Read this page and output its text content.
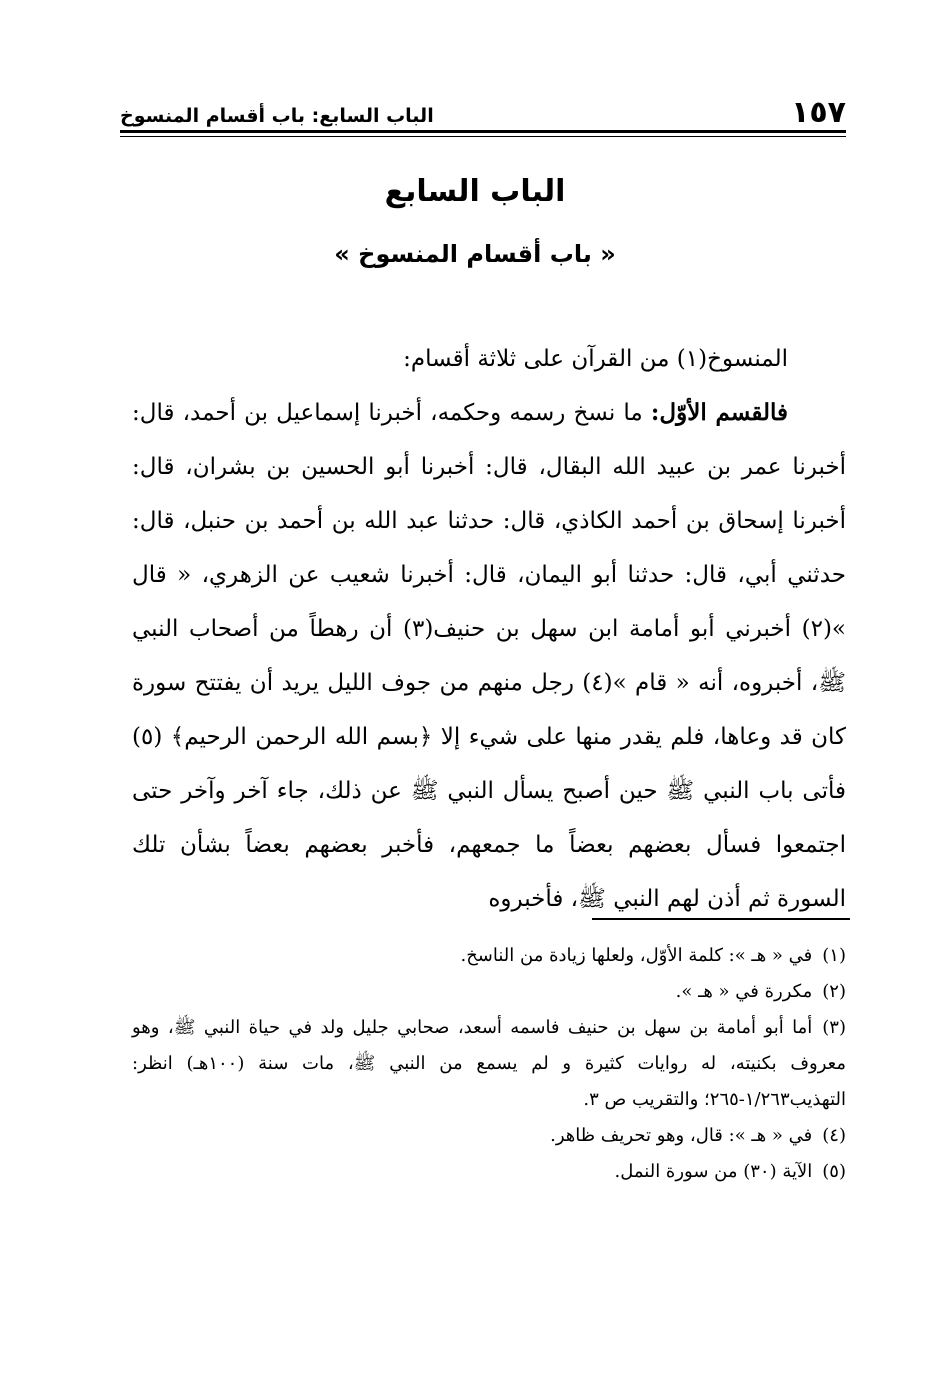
١٥٧
الباب السابع: باب أقسام المنسوخ
الباب السابع
« باب أقسام المنسوخ »

المنسوخ(١) من القرآن على ثلاثة أقسام:

فالقسم الأوّل: ما نسخ رسمه وحكمه، أخبرنا إسماعيل بن أحمد، قال: أخبرنا عمر بن عبيد الله البقال، قال: أخبرنا أبو الحسين بن بشران، قال: أخبرنا إسحاق بن أحمد الكاذي، قال: حدثنا عبد الله بن أحمد بن حنبل، قال: حدثني أبي، قال: حدثنا أبو اليمان، قال: أخبرنا شعيب عن الزهري، « قال »(٢) أخبرني أبو أمامة ابن سهل بن حنيف(٣) أن رهطاً من أصحاب النبي ﷺ، أخبروه، أنه « قام »(٤) رجل منهم من جوف الليل يريد أن يفتتح سورة كان قد وعاها، فلم يقدر منها على شيء إلا ﴿بسم الله الرحمن الرحيم﴾ (٥) فأتى باب النبي ﷺ حين أصبح يسأل النبي ﷺ عن ذلك، جاء آخر وآخر حتى اجتمعوا فسأل بعضهم بعضاً ما جمعهم، فأخبر بعضهم بعضاً بشأن تلك السورة ثم أذن لهم النبي ﷺ، فأخبروه

(١)في « هـ »: كلمة الأوّل، ولعلها زيادة من الناسخ.

(٢)مكررة في « هـ ».

(٣)أما أبو أمامة بن سهل بن حنيف فاسمه أسعد، صحابي جليل ولد في حياة النبي ﷺ، وهو معروف بكنيته، له روايات كثيرة و لم يسمع من النبي ﷺ، مات سنة (١٠٠هـ) انظر: التهذيب١/٢٦٣-٢٦٥؛ والتقريب ص ٣.

(٤)في « هـ »: قال، وهو تحريف ظاهر.

(٥)الآية (٣٠) من سورة النمل.
